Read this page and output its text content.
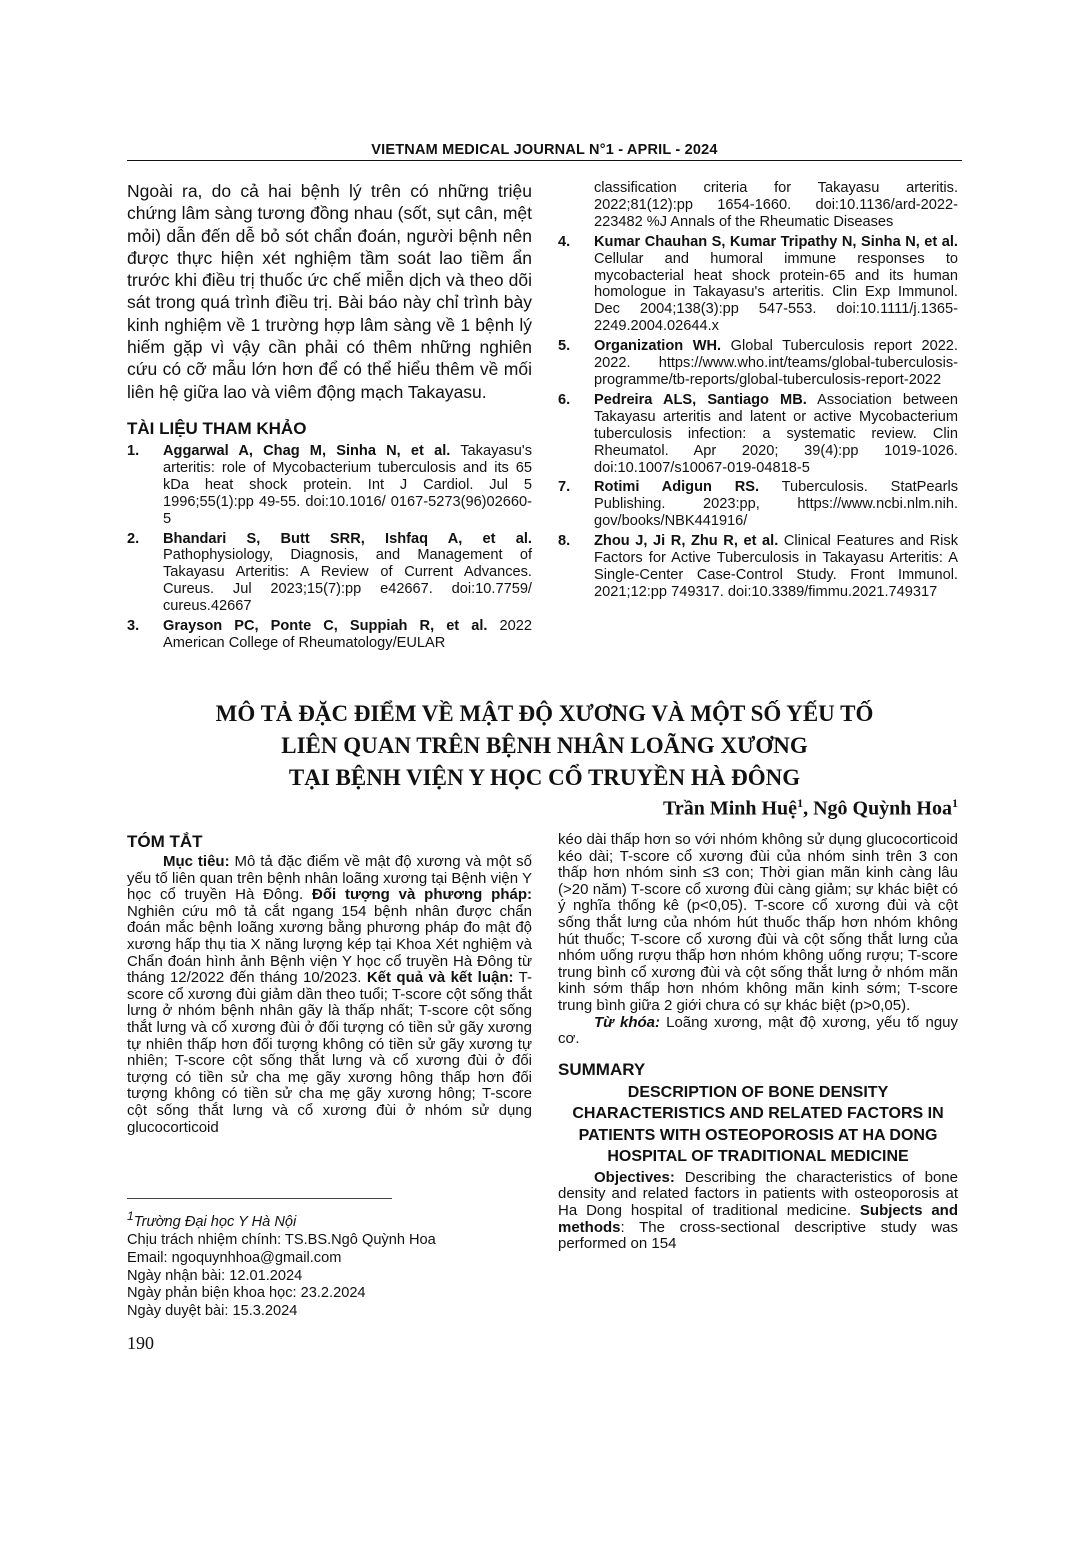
VIETNAM MEDICAL JOURNAL N°1 - APRIL - 2024

Ngoài ra, do cả hai bệnh lý trên có những triệu chứng lâm sàng tương đồng nhau (sốt, sụt cân, mệt mỏi) dẫn đến dễ bỏ sót chẩn đoán, người bệnh nên được thực hiện xét nghiệm tầm soát lao tiềm ẩn trước khi điều trị thuốc ức chế miễn dịch và theo dõi sát trong quá trình điều trị. Bài báo này chỉ trình bày kinh nghiệm về 1 trường hợp lâm sàng về 1 bệnh lý hiếm gặp vì vậy cần phải có thêm những nghiên cứu có cỡ mẫu lớn hơn để có thể hiểu thêm về mối liên hệ giữa lao và viêm động mạch Takayasu.

TÀI LIỆU THAM KHẢO
1. Aggarwal A, Chag M, Sinha N, et al. Takayasu's arteritis: role of Mycobacterium tuberculosis and its 65 kDa heat shock protein. Int J Cardiol. Jul 5 1996;55(1):pp 49-55. doi:10.1016/ 0167-5273(96)02660-5
2. Bhandari S, Butt SRR, Ishfaq A, et al. Pathophysiology, Diagnosis, and Management of Takayasu Arteritis: A Review of Current Advances. Cureus. Jul 2023;15(7):pp e42667. doi:10.7759/ cureus.42667
3. Grayson PC, Ponte C, Suppiah R, et al. 2022 American College of Rheumatology/EULAR
classification criteria for Takayasu arteritis. 2022;81(12):pp 1654-1660. doi:10.1136/ard-2022-223482 %J Annals of the Rheumatic Diseases
4. Kumar Chauhan S, Kumar Tripathy N, Sinha N, et al. Cellular and humoral immune responses to mycobacterial heat shock protein-65 and its human homologue in Takayasu's arteritis. Clin Exp Immunol. Dec 2004;138(3):pp 547-553. doi:10.1111/j.1365-2249.2004.02644.x
5. Organization WH. Global Tuberculosis report 2022. 2022. https://www.who.int/teams/global-tuberculosis-programme/tb-reports/global-tuberculosis-report-2022
6. Pedreira ALS, Santiago MB. Association between Takayasu arteritis and latent or active Mycobacterium tuberculosis infection: a systematic review. Clin Rheumatol. Apr 2020; 39(4):pp 1019-1026. doi:10.1007/s10067-019-04818-5
7. Rotimi Adigun RS. Tuberculosis. StatPearls Publishing. 2023:pp, https://www.ncbi.nlm.nih. gov/books/NBK441916/
8. Zhou J, Ji R, Zhu R, et al. Clinical Features and Risk Factors for Active Tuberculosis in Takayasu Arteritis: A Single-Center Case-Control Study. Front Immunol. 2021;12:pp 749317. doi:10.3389/fimmu.2021.749317
MÔ TẢ ĐẶC ĐIỂM VỀ MẬT ĐỘ XƯƠNG VÀ MỘT SỐ YẾU TỐ
LIÊN QUAN TRÊN BỆNH NHÂN LOÃNG XƯƠNG
TẠI BỆNH VIỆN Y HỌC CỔ TRUYỀN HÀ ĐÔNG
Trần Minh Huệ$^1$, Ngô Quỳnh Hoa$^1$
TÓM TẮT

Mục tiêu: Mô tả đặc điểm về mật độ xương và một số yếu tố liên quan trên bệnh nhân loãng xương tại Bệnh viện Y học cổ truyền Hà Đông. Đối tượng và phương pháp: Nghiên cứu mô tả cắt ngang 154 bệnh nhân được chẩn đoán mắc bệnh loãng xương bằng phương pháp đo mật độ xương hấp thụ tia X năng lượng kép tại Khoa Xét nghiệm và Chẩn đoán hình ảnh Bệnh viện Y học cổ truyền Hà Đông từ tháng 12/2022 đến tháng 10/2023. Kết quả và kết luận: T-score cổ xương đùi giảm dần theo tuổi; T-score cột sống thắt lưng ở nhóm bệnh nhân gãy là thấp nhất; T-score cột sống thắt lưng và cổ xương đùi ở đối tượng có tiền sử gãy xương tự nhiên thấp hơn đối tượng không có tiền sử gãy xương tự nhiên; T-score cột sống thắt lưng và cổ xương đùi ở đối tượng có tiền sử cha mẹ gãy xương hông thấp hơn đối tượng không có tiền sử cha mẹ gãy xương hông; T-score cột sống thắt lưng và cổ xương đùi ở nhóm sử dụng glucocorticoid

kéo dài thấp hơn so với nhóm không sử dụng glucocorticoid kéo dài; T-score cổ xương đùi của nhóm sinh trên 3 con thấp hơn nhóm sinh ≤3 con; Thời gian mãn kinh càng lâu (>20 năm) T-score cổ xương đùi càng giảm; sự khác biệt có ý nghĩa thống kê (p<0,05). T-score cổ xương đùi và cột sống thắt lưng của nhóm hút thuốc thấp hơn nhóm không hút thuốc; T-score cổ xương đùi và cột sống thắt lưng của nhóm uống rượu thấp hơn nhóm không uống rượu; T-score trung bình cổ xương đùi và cột sống thắt lưng ở nhóm mãn kinh sớm thấp hơn nhóm không mãn kinh sớm; T-score trung bình giữa 2 giới chưa có sự khác biệt (p>0,05).

Từ khóa: Loãng xương, mật độ xương, yếu tố nguy cơ.

SUMMARY
DESCRIPTION OF BONE DENSITY CHARACTERISTICS AND RELATED FACTORS IN PATIENTS WITH OSTEOPOROSIS AT HA DONG HOSPITAL OF TRADITIONAL MEDICINE

Objectives: Describing the characteristics of bone density and related factors in patients with osteoporosis at Ha Dong hospital of traditional medicine. Subjects and methods: The cross-sectional descriptive study was performed on 154

$^1$Trường Đại học Y Hà Nội
Chịu trách nhiệm chính: TS.BS.Ngô Quỳnh Hoa
Email: ngoquynhhoa@gmail.com
Ngày nhận bài: 12.01.2024
Ngày phản biện khoa học: 23.2.2024
Ngày duyệt bài: 15.3.2024
190
